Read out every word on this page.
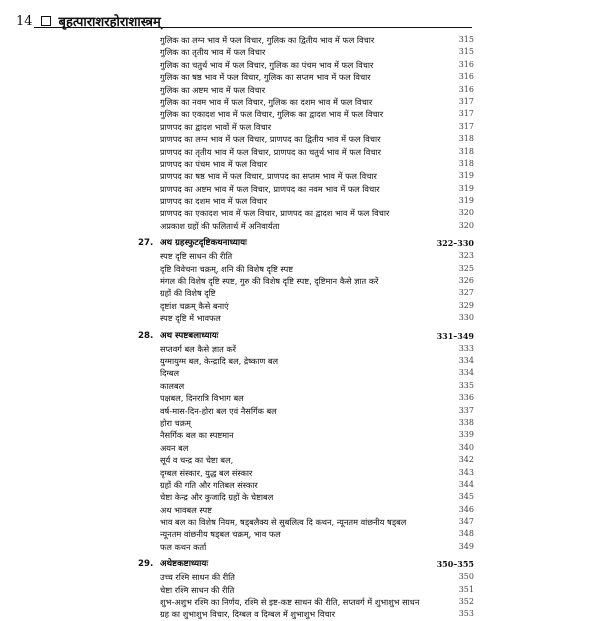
14 बृहत्पाराशरहोराशास्त्रम्
गुलिक का लग्न भाव में फल विचार, गुलिक का द्वितीय भाव में फल विचार	315
गुलिक का तृतीय भाव में फल विचार	315
गुलिक का चतुर्थ भाव में फल विचार, गुलिक का पंचम भाव में फल विचार	316
गुलिक का षष्ठ भाव में फल विचार, गुलिक का सप्तम भाव में फल विचार	316
गुलिक का अष्टम भाव में फल विचार	316
गुलिक का नवम भाव में फल विचार, गुलिक का दशम भाव में फल विचार	317
गुलिक का एकादश भाव में फल विचार, गुलिक का द्वादश भाव में फल विचार	317
प्राणपद का द्वादश भावों में फल विचार	317
प्राणपद का लग्न भाव में फल विचार, प्राणपद का द्वितीय भाव में फल विचार	318
प्राणपद का तृतीय भाव में फल विचार, प्राणपद का चतुर्थ भाव में फल विचार	318
प्राणपद का पंचम भाव में फल विचार	318
प्राणपद का षष्ठ भाव में फल विचार, प्राणपद का सप्तम भाव में फल विचार	319
प्राणपद का अष्टम भाव में फल विचार, प्राणपद का नवम भाव में फल विचार	319
प्राणपद का दशम भाव में फल विचार	319
प्राणपद का एकादश भाव में फल विचार, प्राणपद का द्वादश भाव में फल विचार	320
अप्रकाश ग्रहों की फलितार्थ में अनिवार्यता	320
27. अथ ग्रहस्फुटदृष्टिकथनाध्यायः	322–330
स्पष्ट दृष्टि साधन की रीति	323
दृष्टि विवेचना चक्रम्, शनि की विशेष दृष्टि स्पष्ट	325
मंगल की विशेष दृष्टि स्पष्ट, गुरु की विशेष दृष्टि स्पष्ट, दृष्टिमान कैसे ज्ञात करें	326
ग्रहों की विशेष दृष्टि	327
दृष्टांश चक्रम् कैसे बनाएं	329
स्पष्ट दृष्टि में भावफल	330
28. अथ स्पष्टबलाध्यायः	331–349
सप्तवर्ग बल कैसे ज्ञात करें	333
युग्मायुग्म बल, केन्द्रादि बल, द्रेष्काण बल	334
दिग्बल	334
कालबल	335
पक्षबल, दिनरात्रि विभाग बल	336
वर्ष-मास-दिन-होरा बल एवं नैसर्गिक बल	337
होरा चक्रम्	338
नैसर्गिक बल का स्पष्टमान	339
अयन बल	340
सूर्य व चन्द्र का चेष्टा बल,	342
दृग्बल संस्कार, युद्ध बल संस्कार	343
ग्रहों की गति और गतिबल संस्कार	344
चेष्टा केन्द्र और कुजादि ग्रहों के चेष्टाबल	345
अथ भावबल स्पष्ट	346
भाव बल का विशेष नियम, षड्बलैक्य से सुबलित्व दि कथन, न्यूनतम वांछनीय षड्बल	347
न्यूनतम वांछनीय षड्बल चक्रम्, भाव फल	348
फल कथन कर्ता	349
29. अथेष्टकष्टाध्यायः	350–355
उच्च रश्मि साधन की रीति	350
चेष्टा रश्मि साधन की रीति	351
शुभ-अशुभ रश्मि का निर्णय, रश्मि से इष्ट-कष्ट साधन की रीति, सप्तवर्ग में शुभाशुभ साधन	352
ग्रह का शुभाशुभ विचार, दिग्बल व दिग्बल में शुभाशुभ विचार	353
